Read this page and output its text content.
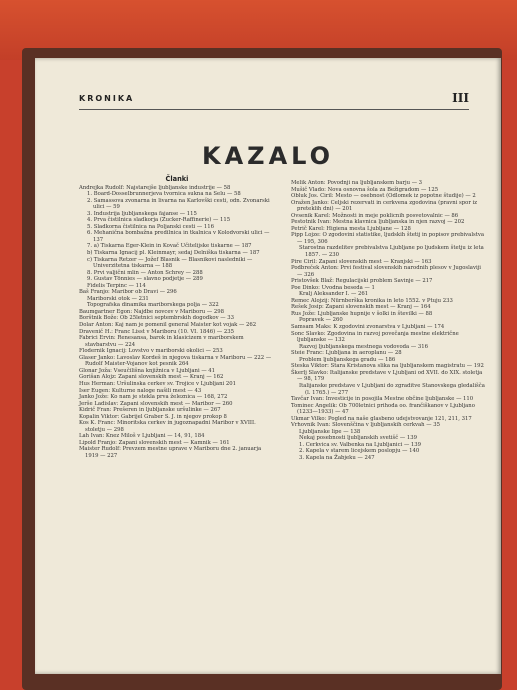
KRONIKA	III
KAZALO
Članki
Andrejka Rudolf: Najstarejše ljubljanske industrije — 58
1. Board-Dosselbrunnerjeva tvornica sukna na Selu — 58
2. Samassova zvonarna in livarna na Karlovški cesti, odn. Zvonarski ulici — 59
3. Industrija ljubljanskega fajanse — 115
4. Prva čistilnica sladkorja (Zucker-Raffinerie) — 115
5. Sladkorna čistilnica na Poljanski cesti — 116
6. Mehanična bombažna predilnica in tkalnica v Kolodvorski ulici — 137
7. a) Tiskarna Eger-Klein in Kovač Učitelijske tiskarne — 187
b) Tiskarna Ignacij pl. Kleinmayr, sedaj Delniška tiskarna — 187
c) Tiskarna Retzer — Jožef Blasnik — Blasnikovi nasledniki — Univerzitetna tiskarna — 188
8. Prvi valjični mlin — Anton Schrey — 288
9. Gustav Tönnies — slavno podjetje — 289
Fidelis Terpinc — 114
Baš Franjo: Maribor ob Dravi — 296
Mariborski otok — 231
Topografska dinamika mariborskega polja — 322
Baumgartner Egon: Najdbe novcev v Mariboru — 298
Borštnik Bože: Ob 25letnici septembrskih dogodkov — 33
Dolar Anton: Kaj nam je pomenil general Maister kot vojak — 262
Dravenič H.: Franc Lisst v Mariboru (10. VI. 1846) — 235
Fabrici Ervin: Renesansa, barok in klasicizem v mariborskem stavbarstvu — 224
Flodernik Ignacij: Lovstvo v mariborski okolici — 253
Glaser Janko: Lavoslav Kordeš in njegova tiskarna v Mariboru — 222 — Rudolf Maister-Vojanov kot pesnik 264
Glonar Joža: Vseučilišna knjižnica v Ljubljani — 41
Gorišan Alojz: Zapani slovenskih mest — Kranj — 162
Hus Herman: Uršulinska cerkev sv. Trojice v Ljubljani 201
Iser Eugen: Kulturne naloge našili mest — 43
Janko Jože: Ko nam je stekla prva železnica — 168, 272
Jerše Ladislav: Zapani slovenskih mest — Maribor — 260
Kidrič Fran: Prešeren in ljubljanske uršulinke — 267
Kopalin Viktor: Gabrijel Graber S. J. in njegov prokop 8
Kos K. Franc: Minoritska cerkev in jugoznapadni Maribor v XVIII. stoletju — 298
Lah Ivan: Knez Miloš v Ljubljani — 14, 91, 184
Lipold Franjo: Zapani slovenskih mest — Kamnik — 161
Maister Rudolf: Prevzem mestne uprave v Mariboru dne 2. januarja 1919 — 227
Melik Anton: Povodnji na ljubljanskem barju — 3
Mušič Vlado: Nova osnovna šola za Bežigradom — 125
Obluk Jos. Ciril: Mesto — osebnost (Odlomek iz popotne študije) — 2
Oražen Janko: Celjski rezervati in cerkvena zgodovina (pravni spor iz preteklih dni) — 201
Ovsenik Karel: Možnosti in meje poklicnih posvetovalnic — 86
Pestotnik Ivan: Mestna klavnica ljubljanska in njen razvoj — 202
Petrič Karel: Higiena mesta Ljubljane — 128
Pipp Lojze: O zgodovini statistike, ljudskih štetij in popisov prebivalstva — 195, 306
Starostna razdelitev prebivalstva Ljubljane po ljudskem štetju iz leta 1857. — 230
Pire Ciril: Zapani slovenskih mest — Kranjski — 163
Podbreček Anton: Prvi festival slovenskih narodnih plesov v Jugoslaviji — 326
Pristovšek Blaž: Regulacijski problem Savinje — 217
Poe Dinko: Uvodna beseda — 1
Kralj Aleksander I. — 261
Remec Alojzij: Nürnberška kronika in leto 1552. v Ptuju 233
Rešek Josip: Zapani slovenskih mest — Kranj — 164
Rus Jože: Ljubljanske hupnije v šolki in številki — 88
Popravek — 260
Samsam Maks: K zgodovini zvonarstva v Ljubljani — 174
Sonc Slavko: Zgodovina in razvoj povečanja mestne električne ljubljanske — 132
Razvoj ljubljanskega mestnega vodovoda — 316
Steie Franc: Ljubljana in aeroplanu — 28
Problem ljubljanskega gradu — 186
Steska Viktor: Stara Kristanova slika na ljubljanskem magistratu — 192
Škerlj Slavko: Italijanske predstave v Ljubljani od XVII. do XIX. stoletja — 98, 179
Italijanske predstave v Ljubljani do zgraditve Stanovskega gledališča (l. 1765.) — 277
Tavčar Ivan: Investicije in posojila Mestne občine ljubljanske — 110
Tominec Angelik: Ob 700letnici prihoda oo. frančiškanov v Ljubljano (1233—1933) — 47
Ukmar Vilko: Pogled na naše glasbeno udejstvovanje 121, 211, 317
Vrhovnik Ivan: Slovenščina v ljubljanskih cerkvah — 35
Ljubljanske lipe — 138
Nekaj posebnosti ljubljanskih svetišč — 139
1. Cerkvica sv. Valbenka na Ljubljanici — 139
2. Kapela v starem licejskem poslopju — 140
3. Kapela na Žabjeku — 247
